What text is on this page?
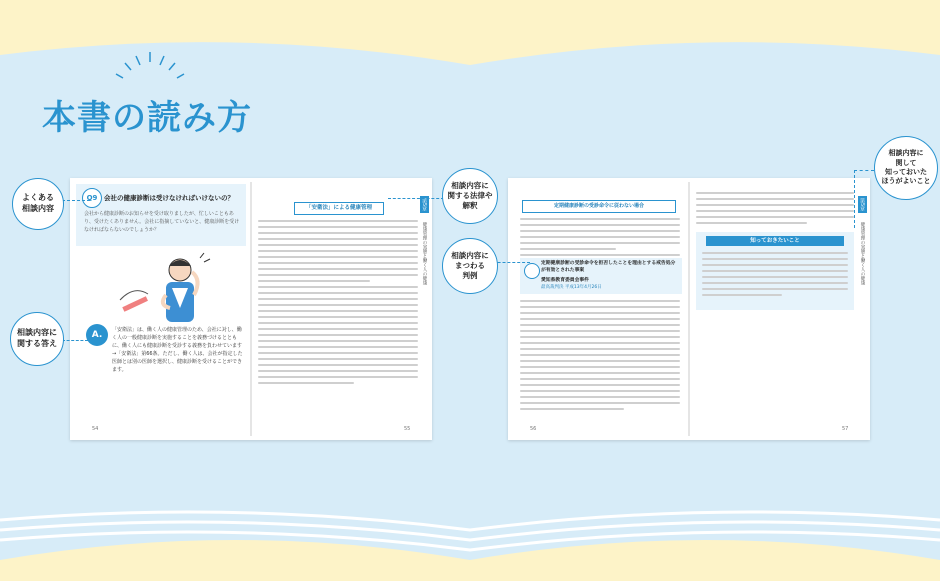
本書の読み方
Q9	会社の健康診断は受けなければいけないの？
会社から健康診断のお知らせを受け取りましたが、忙しいこともあり、受けたくありません。会社に指摘していないと、健康診断を受けなければならないのでしょうか？
A.	「安衛法」は、働く人の健康管理のため、会社に対し、働く人の一般健康診断を実施することを義務づけるとともに、働く人にも健康診断を受診する義務を負わせています→「安衛法」第66条。ただし、働く人は、会社が指定した医師とは別の医師を選択し、健康診断を受けることができます。
「安衛法」による健康管理	第5章
健康管理の実態と働く人の健康
54	55
定期健康診断の受診命令に従わない場合
定期健康診断の受診命令を拒否したことを理由とする戒告処分が有効とされた事案
愛知県教育委員会事件
最高裁判決 平成13年4月26日
知っておきたいこと
第5章
健康管理の実態と働く人の健康
56	57
よくある
相談内容
相談内容に
関する答え
相談内容に
関する法律や
解釈
相談内容に
まつわる
判例
相談内容に
関して
知っておいた
ほうがよいこと
